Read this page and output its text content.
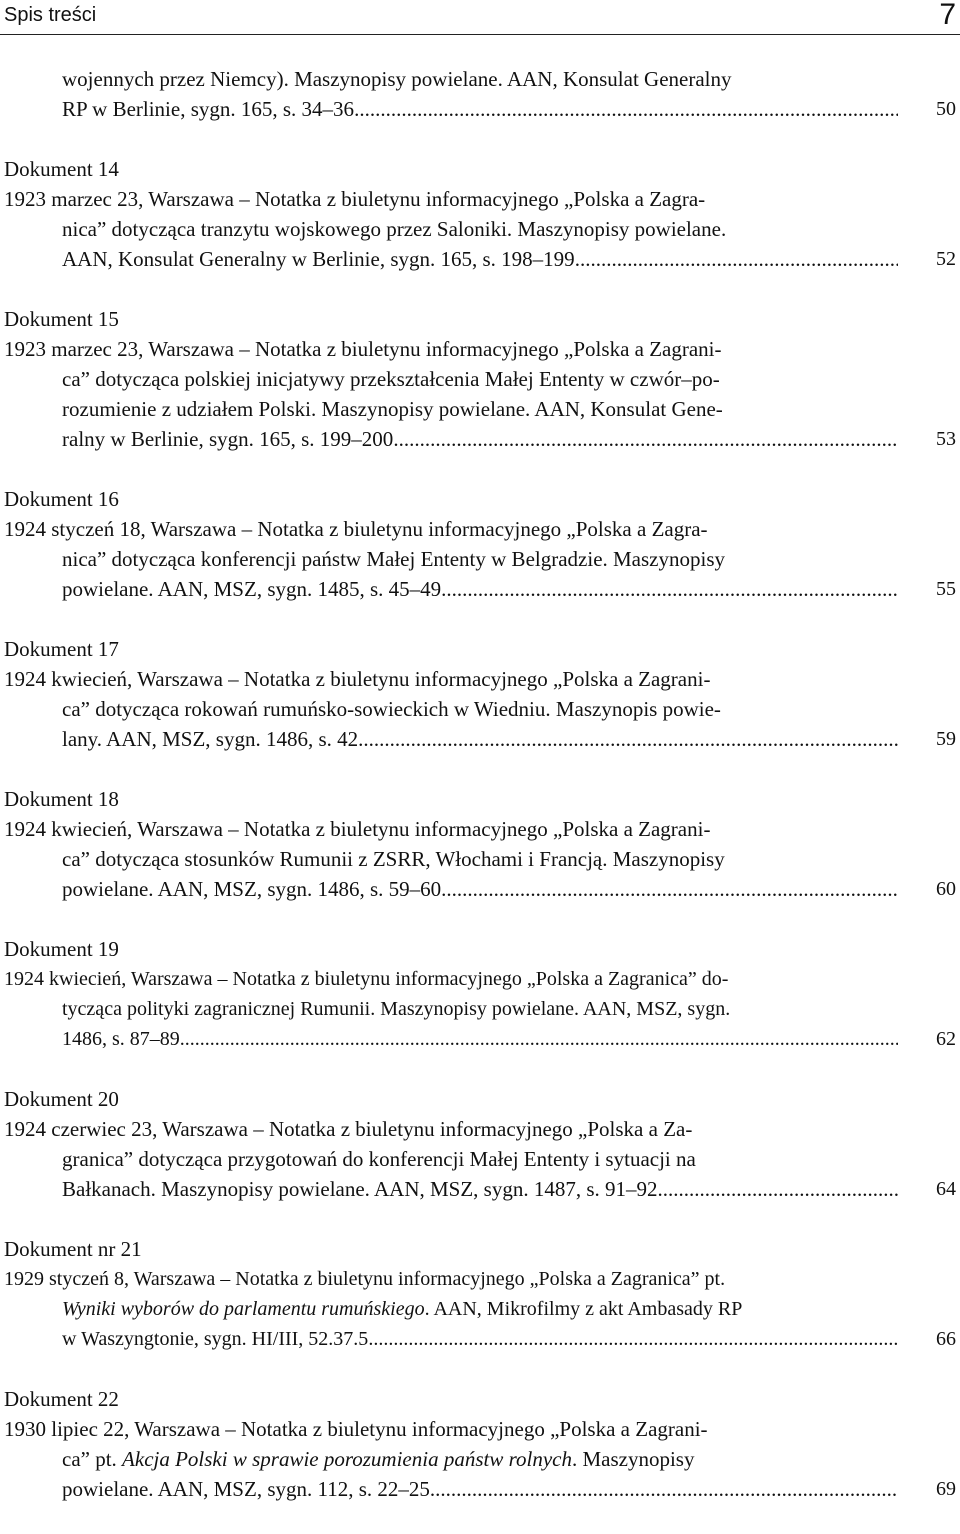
Spis treści	7
wojennych przez Niemcy). Maszynopisy powielane. AAN, Konsulat Generalny
RP w Berlinie, sygn. 165, s. 34–36 .....	50
Dokument 14
1923 marzec 23, Warszawa – Notatka z biuletynu informacyjnego „Polska a Zagra-
nica” dotycząca tranzytu wojskowego przez Saloniki. Maszynopisy powielane.
AAN, Konsulat Generalny w Berlinie, sygn. 165, s. 198–199 .....	52
Dokument 15
1923 marzec 23, Warszawa – Notatka z biuletynu informacyjnego „Polska a Zagrani-
ca” dotycząca polskiej inicjatywy przekształcenia Małej Ententy w czwór–po-
rozumienie z udziałem Polski. Maszynopisy powielane. AAN, Konsulat Gene-
ralny w Berlinie, sygn. 165, s. 199–200 .....	53
Dokument 16
1924 styczeń 18, Warszawa – Notatka z biuletynu informacyjnego „Polska a Zagra-
nica” dotycząca konferencji państw Małej Ententy w Belgradzie. Maszynopisy
powielane. AAN, MSZ, sygn. 1485, s. 45–49 .....	55
Dokument 17
1924 kwiecień, Warszawa – Notatka z biuletynu informacyjnego „Polska a Zagrani-
ca” dotycząca rokowań rumuńsko-sowieckich w Wiedniu. Maszynopis powie-
lany. AAN, MSZ, sygn. 1486, s. 42 .....	59
Dokument 18
1924 kwiecień, Warszawa – Notatka z biuletynu informacyjnego „Polska a Zagrani-
ca” dotycząca stosunków Rumunii z ZSRR, Włochami i Francją. Maszynopisy
powielane. AAN, MSZ, sygn. 1486, s. 59–60 .....	60
Dokument 19
1924 kwiecień, Warszawa – Notatka z biuletynu informacyjnego „Polska a Zagranica” do-
tycząca polityki zagranicznej Rumunii. Maszynopisy powielane. AAN, MSZ, sygn.
1486, s. 87–89 .....	62
Dokument 20
1924 czerwiec 23, Warszawa – Notatka z biuletynu informacyjnego „Polska a Za-
granica” dotycząca przygotowań do konferencji Małej Ententy i sytuacji na
Bałkanach. Maszynopisy powielane. AAN, MSZ, sygn. 1487, s. 91–92 .....	64
Dokument nr 21
1929 styczeń 8, Warszawa – Notatka z biuletynu informacyjnego „Polska a Zagranica” pt.
Wyniki wyborów do parlamentu rumuńskiego. AAN, Mikrofilmy z akt Ambasady RP
w Waszyngtonie, sygn. HI/III, 52.37.5 .....	66
Dokument 22
1930 lipiec 22, Warszawa – Notatka z biuletynu informacyjnego „Polska a Zagrani-
ca” pt. Akcja Polski w sprawie porozumienia państw rolnych. Maszynopisy
powielane. AAN, MSZ, sygn. 112, s. 22–25 .....	69
